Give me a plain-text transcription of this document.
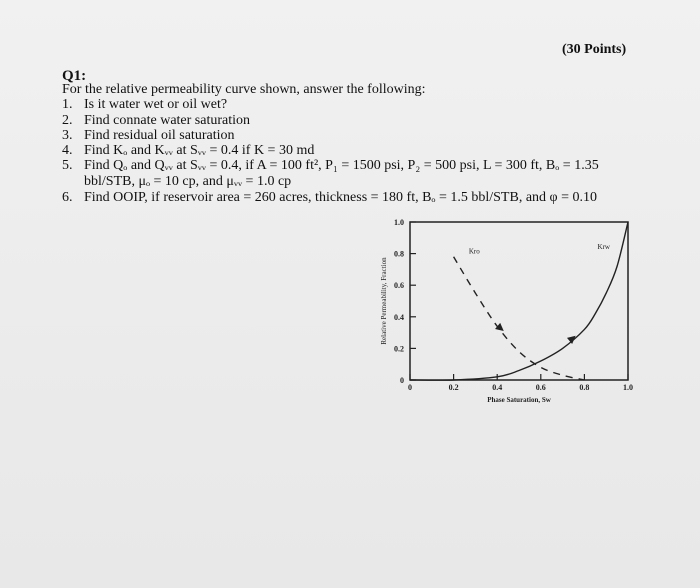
(30 Points)
Q1:
For the relative permeability curve shown, answer the following:
1. Is it water wet or oil wet?
2. Find connate water saturation
3. Find residual oil saturation
4. Find Kₒ and Kᵥᵥ at Sᵥᵥ = 0.4 if K = 30 md
5. Find Qₒ and Qᵥᵥ at Sᵥᵥ = 0.4, if A = 100 ft², P₁ = 1500 psi, P₂ = 500 psi, L = 300 ft, Bₒ = 1.35
bbl/STB, μₒ = 10 cp, and μᵥᵥ = 1.0 cp
6. Find OOIP, if reservoir area = 260 acres, thickness = 180 ft, Bₒ = 1.5 bbl/STB, and φ = 0.10
0
0.2
0.4
0.6
0.8
1.0
0	0.2	0.4	0.6	0.8	1.0
Phase Saturation, Sw
Relative Permeability, Fraction
Kro
Krw
